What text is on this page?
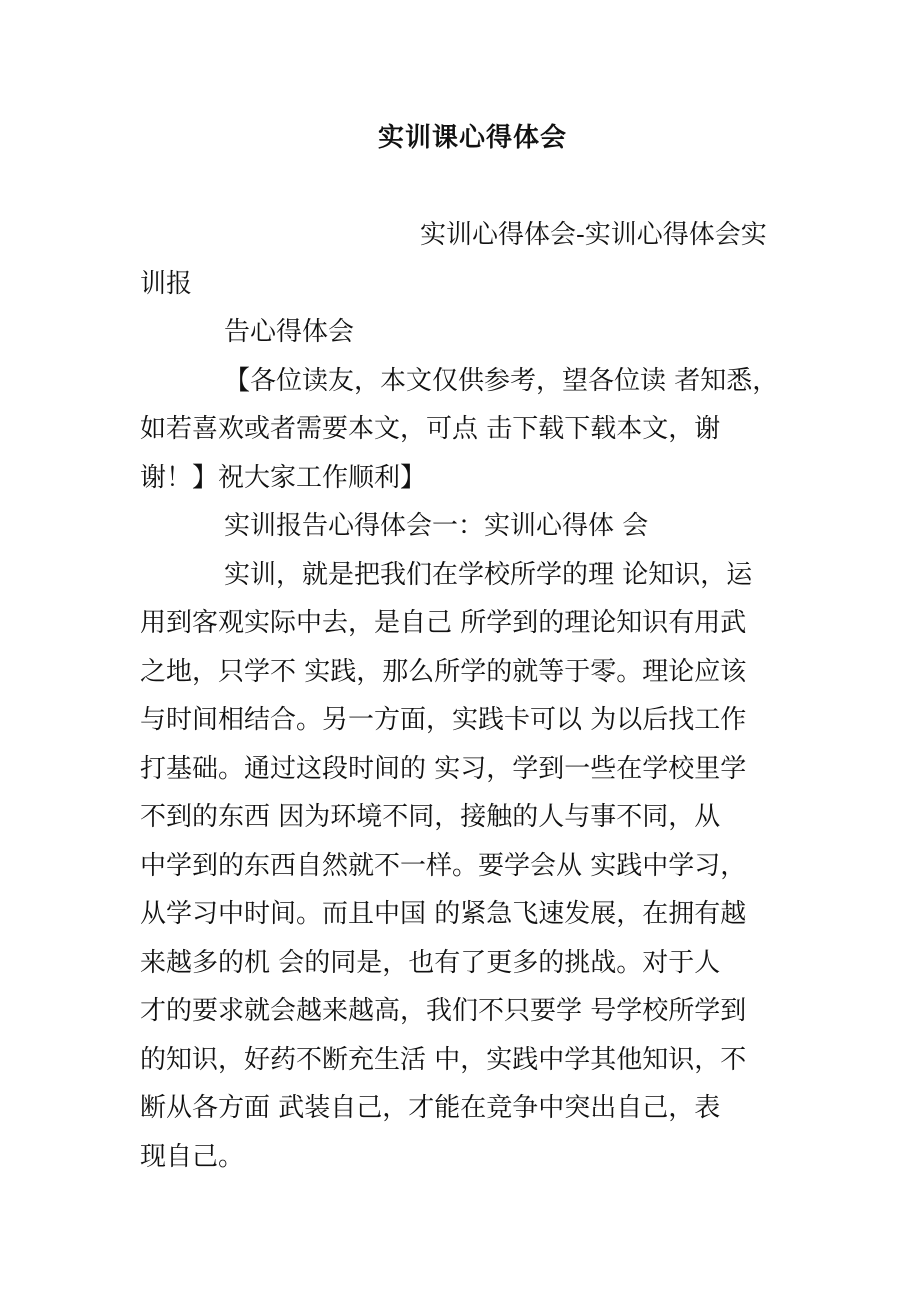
实训课心得体会
实训心得体会-实训心得体会实
训报
告心得体会
【各位读友，本文仅供参考，望各位读 者知悉，
如若喜欢或者需要本文，可点 击下载下载本文，谢
谢！】祝大家工作顺利】
实训报告心得体会一：实训心得体 会
实训，就是把我们在学校所学的理 论知识，运
用到客观实际中去，是自己 所学到的理论知识有用武
之地，只学不 实践，那么所学的就等于零。理论应该
与时间相结合。另一方面，实践卡可以 为以后找工作
打基础。通过这段时间的 实习，学到一些在学校里学
不到的东西 因为环境不同，接触的人与事不同，从
中学到的东西自然就不一样。要学会从 实践中学习，
从学习中时间。而且中国 的紧急飞速发展，在拥有越
来越多的机 会的同是，也有了更多的挑战。对于人
才的要求就会越来越高，我们不只要学 号学校所学到
的知识，好药不断充生活 中，实践中学其他知识，不
断从各方面 武装自己，才能在竞争中突出自己，表
现自己。
